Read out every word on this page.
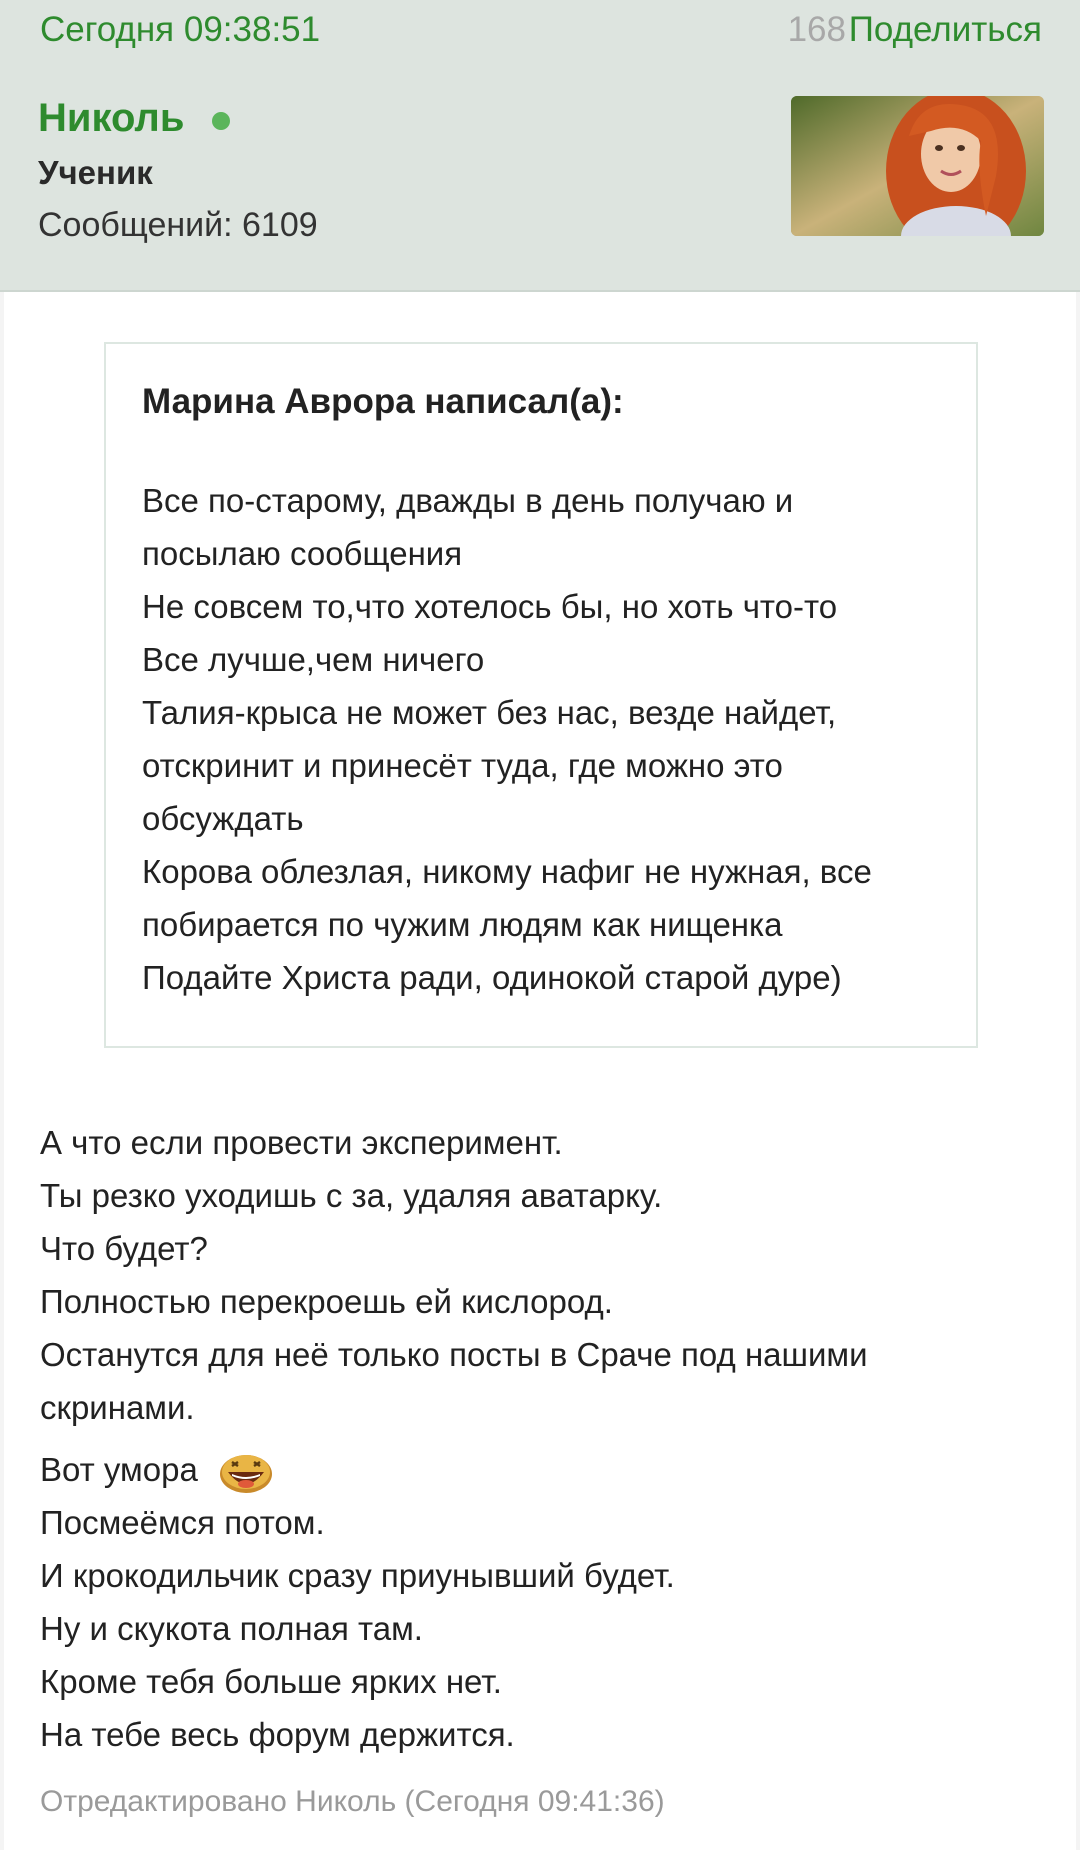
Сегодня 09:38:51	168 Поделиться
Николь
Ученик
Сообщений: 6109
Марина Аврора написал(а):
Все по-старому, дважды в день получаю и
посылаю сообщения
Не совсем то,что хотелось бы, но хоть что-то
Все лучше,чем ничего
Талия-крыса не может без нас, везде найдет,
отскринит и принесёт туда, где можно это
обсуждать
Корова облезлая, никому нафиг не нужная, все
побирается по чужим людям как нищенка
Подайте Христа ради, одинокой старой дуре)
А что если провести эксперимент.
Ты резко уходишь с за, удаляя аватарку.
Что будет?
Полностью перекроешь ей кислород.
Останутся для неё только посты в Сраче под нашими
скринами.
Вот умора
Посмеёмся потом.
И крокодильчик сразу приунывший будет.
Ну и скукота полная там.
Кроме тебя больше ярких нет.
На тебе весь форум держится.
Отредактировано Николь (Сегодня 09:41:36)
